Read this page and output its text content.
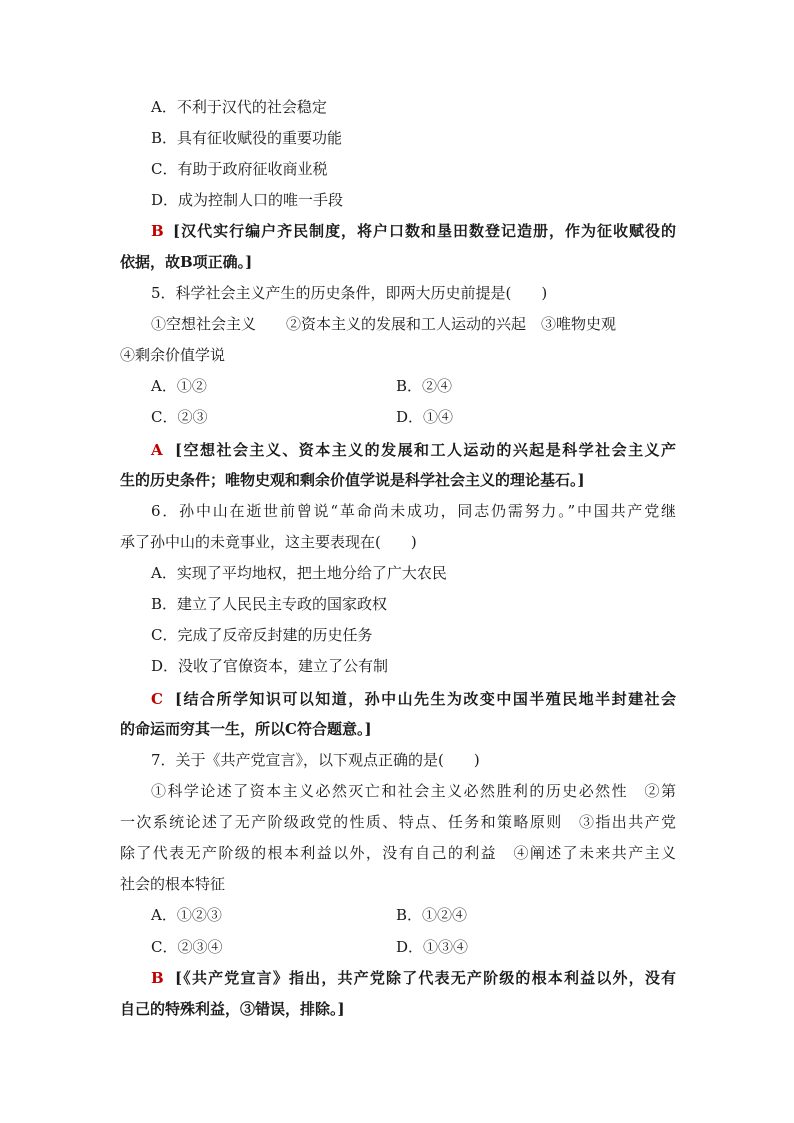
A．不利于汉代的社会稳定
B．具有征收赋役的重要功能
C．有助于政府征收商业税
D．成为控制人口的唯一手段
B [汉代实行编户齐民制度，将户口数和垦田数登记造册，作为征收赋役的
依据，故B项正确。]
5．科学社会主义产生的历史条件，即两大历史前提是(　　)
①空想社会主义　　②资本主义的发展和工人运动的兴起　③唯物史观
④剩余价值学说
A．①②	B．②④
C．②③	D．①④
A [空想社会主义、资本主义的发展和工人运动的兴起是科学社会主义产
生的历史条件；唯物史观和剩余价值学说是科学社会主义的理论基石。]
6．孙中山在逝世前曾说“革命尚未成功，同志仍需努力。”中国共产党继
承了孙中山的未竟事业，这主要表现在(　　)
A．实现了平均地权，把土地分给了广大农民
B．建立了人民民主专政的国家政权
C．完成了反帝反封建的历史任务
D．没收了官僚资本，建立了公有制
C [结合所学知识可以知道，孙中山先生为改变中国半殖民地半封建社会
的命运而穷其一生，所以C符合题意。]
7．关于《共产党宣言》，以下观点正确的是(　　)
①科学论述了资本主义必然灭亡和社会主义必然胜利的历史必然性　②第
一次系统论述了无产阶级政党的性质、特点、任务和策略原则　③指出共产党
除了代表无产阶级的根本利益以外，没有自己的利益　④阐述了未来共产主义
社会的根本特征
A．①②③	B．①②④
C．②③④	D．①③④
B [《共产党宣言》指出，共产党除了代表无产阶级的根本利益以外，没有
自己的特殊利益，③错误，排除。]
